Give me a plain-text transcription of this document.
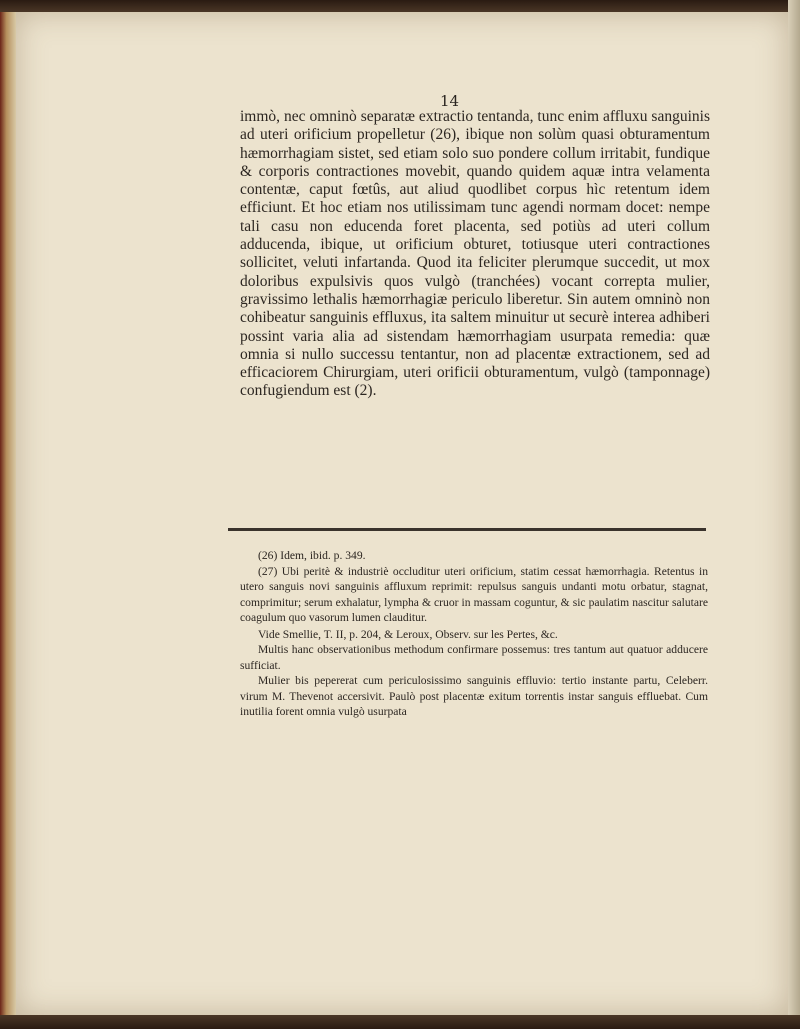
14

immò, nec omninò separatæ extractio tentanda, tunc enim affluxu sanguinis ad uteri orificium propelletur (26), ibique non solùm quasi obturamentum hæmorrhagiam sistet, sed etiam solo suo pondere collum irritabit, fundique & corporis contractiones movebit, quando quidem aquæ intra velamenta contentæ, caput fœtûs, aut aliud quodlibet corpus hìc retentum idem efficiunt. Et hoc etiam nos utilissimam tunc agendi normam docet: nempe tali casu non educenda foret placenta, sed potiùs ad uteri collum adducenda, ibique, ut orificium obturet, totiusque uteri contractiones sollicitet, veluti infartanda. Quod ita feliciter plerumque succedit, ut mox doloribus expulsivis quos vulgò (tranchées) vocant correpta mulier, gravissimo lethalis hæmorrhagiæ periculo liberetur. Sin autem omninò non cohibeatur sanguinis effluxus, ita saltem minuitur ut securè interea adhiberi possint varia alia ad sistendam hæmorrhagiam usurpata remedia: quæ omnia si nullo successu tentantur, non ad placentæ extractionem, sed ad efficaciorem Chirurgiam, uteri orificii obturamentum, vulgò (tamponnage) confugiendum est (2).

(26) Idem, ibid. p. 349.

(27) Ubi peritè & industriè occluditur uteri orificium, statim cessat hæmorrhagia. Retentus in utero sanguis novi sanguinis affluxum reprimit: repulsus sanguis undanti motu orbatur, stagnat, comprimitur; serum exhalatur, lympha & cruor in massam coguntur, & sic paulatim nascitur salutare coagulum quo vasorum lumen clauditur.

Vide Smellie, T. II, p. 204, & Leroux, Observ. sur les Pertes, &c.

Multis hanc observationibus methodum confirmare possemus: tres tantum aut quatuor adducere sufficiat.

Mulier bis pepererat cum periculosissimo sanguinis effluvio: tertio instante partu, Celeberr. virum M. Thevenot accersivit. Paulò post placentæ exitum torrentis instar sanguis effluebat. Cum inutilia forent omnia vulgò usurpata
